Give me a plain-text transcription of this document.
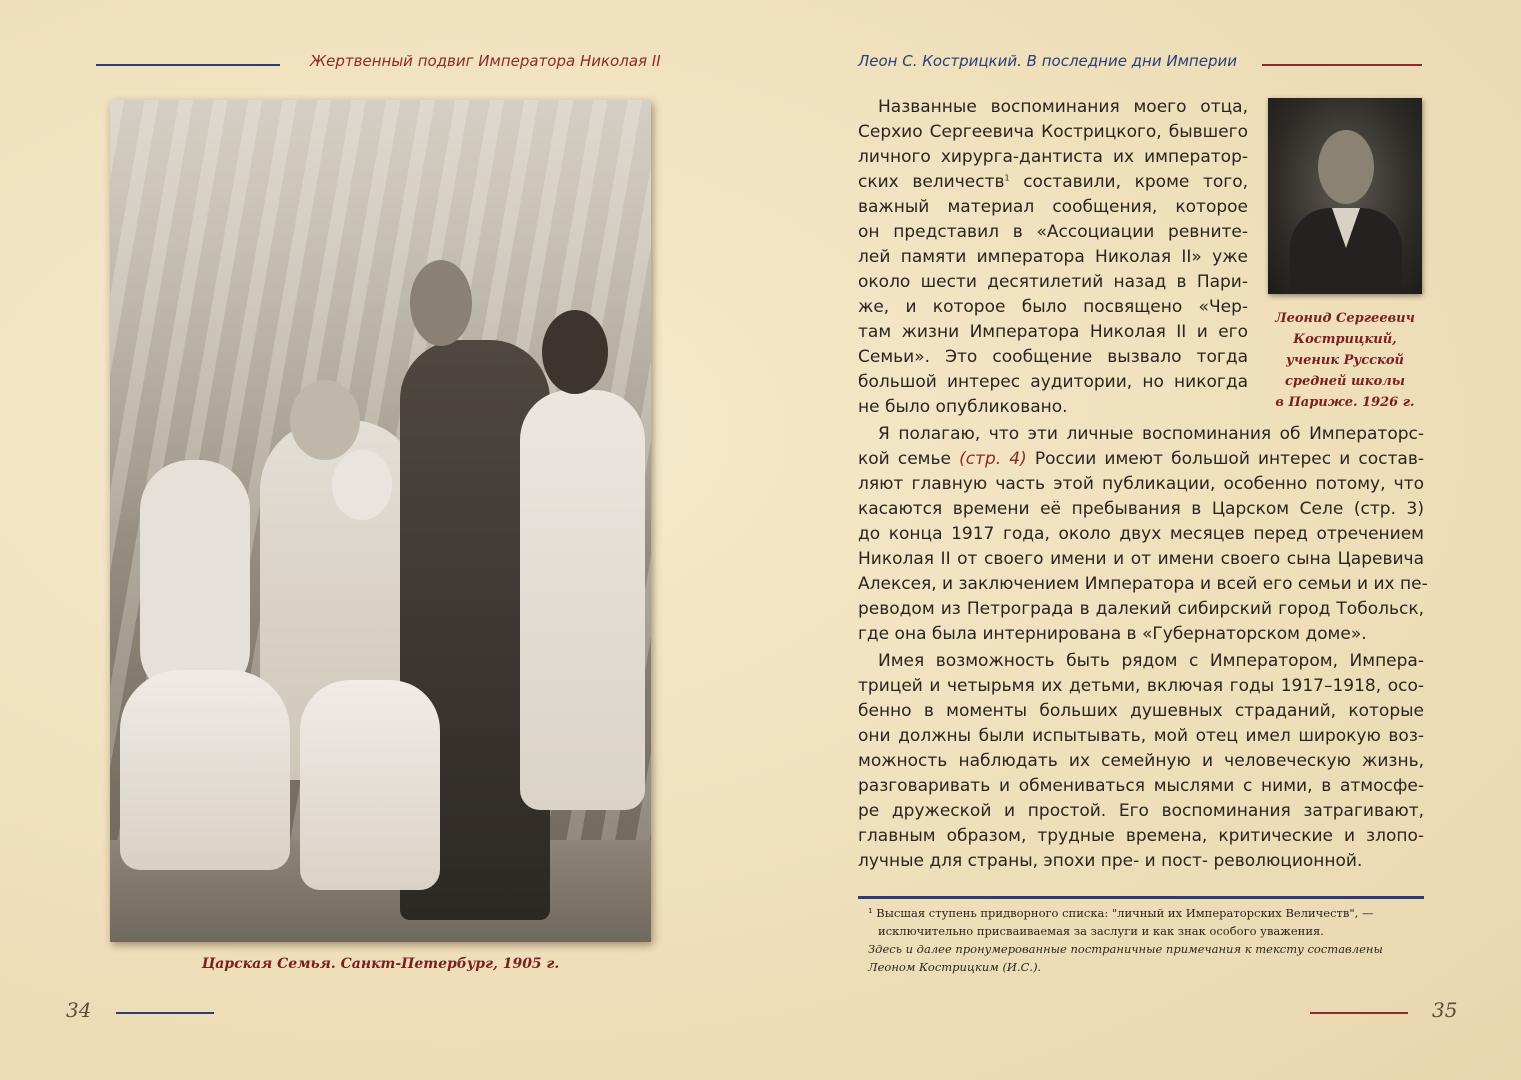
Жертвенный подвиг Императора Николая II	Леон С. Кострицкий. В последние дни Империи
Царская Семья. Санкт-Петербург, 1905 г.
Леонид Сергеевич
Кострицкий,
ученик Русской
средней школы
в Париже. 1926 г.
Названные воспоминания моего отца,
Серхио Сергеевича Кострицкого, бывшего
личного хирурга-дантиста их император-
ских величеств$^1$ составили, кроме того,
важный материал сообщения, которое
он представил в «Ассоциации ревните-
лей памяти императора Николая II» уже
около шести десятилетий назад в Пари-
же, и которое было посвящено «Чер-
там жизни Императора Николая II и его
Семьи». Это сообщение вызвало тогда
большой интерес аудитории, но никогда
не было опубликовано.
Я полагаю, что эти личные воспоминания об Императорс-
кой семье (стр. 4) России имеют большой интерес и состав-
ляют главную часть этой публикации, особенно потому, что
касаются времени её пребывания в Царском Селе (стр. 3)
до конца 1917 года, около двух месяцев перед отречением
Николая II от своего имени и от имени своего сына Царевича
Алексея, и заключением Императора и всей его семьи и их пе-
реводом из Петрограда в далекий сибирский город Тобольск,
где она была интернирована в «Губернаторском доме».
Имея возможность быть рядом с Императором, Импера-
трицей и четырьмя их детьми, включая годы 1917–1918, осо-
бенно в моменты больших душевных страданий, которые
они должны были испытывать, мой отец имел широкую воз-
можность наблюдать их семейную и человеческую жизнь,
разговаривать и обмениваться мыслями с ними, в атмосфе-
ре дружеской и простой. Его воспоминания затрагивают,
главным образом, трудные времена, критические и злопо-
лучные для страны, эпохи пре- и пост- революционной.
¹ Высшая ступень придворного списка: "личный их Императорских Величеств", —
исключительно присваиваемая за заслуги и как знак особого уважения.
Здесь и далее пронумерованные постраничные примечания к тексту составлены
Леоном Кострицким (И.С.).
34	35
